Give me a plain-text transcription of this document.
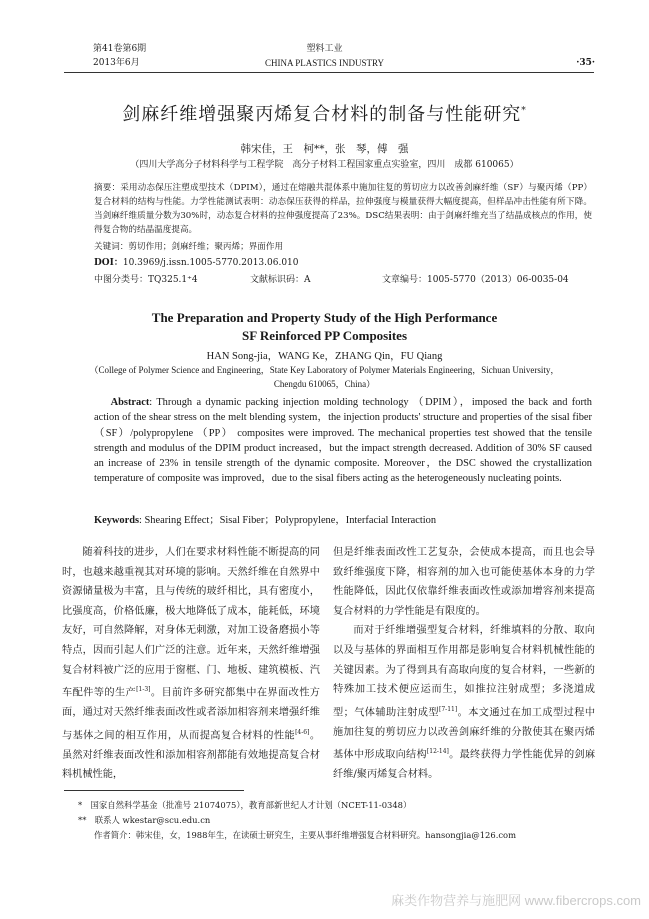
第41卷第6期
2013年6月
塑料工业
CHINA PLASTICS INDUSTRY	·35·
剑麻纤维增强聚丙烯复合材料的制备与性能研究*
韩宋佳，王　柯**，张　琴，傅　强
（四川大学高分子材料科学与工程学院　高分子材料工程国家重点实验室，四川　成都 610065）
摘要：采用动态保压注塑成型技术（DPIM），通过在熔融共混体系中施加往复的剪切应力以改善剑麻纤维（SF）与聚丙烯（PP）复合材料的结构与性能。力学性能测试表明：动态保压获得的样品，拉伸强度与模量获得大幅度提高，但样品冲击性能有所下降。当剑麻纤维质量分数为30%时，动态复合材料的拉伸强度提高了23%。DSC结果表明：由于剑麻纤维充当了结晶成核点的作用，使得复合物的结晶温度提高。
关键词：剪切作用；剑麻纤维；聚丙烯；界面作用
DOI：10.3969/j.issn.1005-5770.2013.06.010
中图分类号：TQ325.1⁺4	文献标识码：A	文章编号：1005-5770（2013）06-0035-04
The Preparation and Property Study of the High Performance
SF Reinforced PP Composites
HAN Song-jia，WANG Ke，ZHANG Qin，FU Qiang
（College of Polymer Science and Engineering，State Key Laboratory of Polymer Materials Engineering，Sichuan University，
Chengdu 610065，China）
Abstract: Through a dynamic packing injection molding technology （DPIM），imposed the back and forth action of the shear stress on the melt blending system，the injection products' structure and properties of the sisal fiber （SF）/polypropylene （PP） composites were improved. The mechanical properties test showed that the tensile strength and modulus of the DPIM product increased，but the impact strength decreased. Addition of 30% SF caused an increase of 23% in tensile strength of the dynamic composite. Moreover，the DSC showed the crystallization temperature of composite was improved，due to the sisal fibers acting as the heterogeneously nucleating points.
Keywords: Shearing Effect；Sisal Fiber；Polypropylene，Interfacial Interaction

随着科技的进步，人们在要求材料性能不断提高的同时，也越来越重视其对环境的影响。天然纤维在自然界中资源储量极为丰富，且与传统的玻纤相比，具有密度小，比强度高，价格低廉，极大地降低了成本，能耗低，环境友好，可自然降解，对身体无刺激，对加工设备磨损小等特点，因而引起人们广泛的注意。近年来，天然纤维增强复合材料被广泛的应用于窗框、门、地板、建筑模板、汽车配件等的生产[1-3]。目前许多研究都集中在界面改性方面，通过对天然纤维表面改性或者添加相容剂来增强纤维与基体之间的相互作用，从而提高复合材料的性能[4-6]。虽然对纤维表面改性和添加相容剂都能有效地提高复合材料机械性能，

但是纤维表面改性工艺复杂，会使成本提高，而且也会导致纤维强度下降，相容剂的加入也可能使基体本身的力学性能降低，因此仅依靠纤维表面改性或添加增容剂来提高复合材料的力学性能是有限度的。

而对于纤维增强型复合材料，纤维填料的分散、取向以及与基体的界面相互作用都是影响复合材料机械性能的关键因素。为了得到具有高取向度的复合材料，一些新的特殊加工技术便应运而生，如推拉注射成型；多浇道成型；气体辅助注射成型[7-11]。本文通过在加工成型过程中施加往复的剪切应力以改善剑麻纤维的分散使其在聚丙烯基体中形成取向结构[12-14]。最终获得力学性能优异的剑麻纤维/聚丙烯复合材料。

*　国家自然科学基金（批准号 21074075），教育部新世纪人才计划（NCET-11-0348）
**　联系人 wkestar@scu.edu.cn
作者简介：韩宋佳，女，1988年生，在读硕士研究生，主要从事纤维增强复合材料研究。hansongjia@126.com
麻类作物营养与施肥网 www.fibercrops.com
